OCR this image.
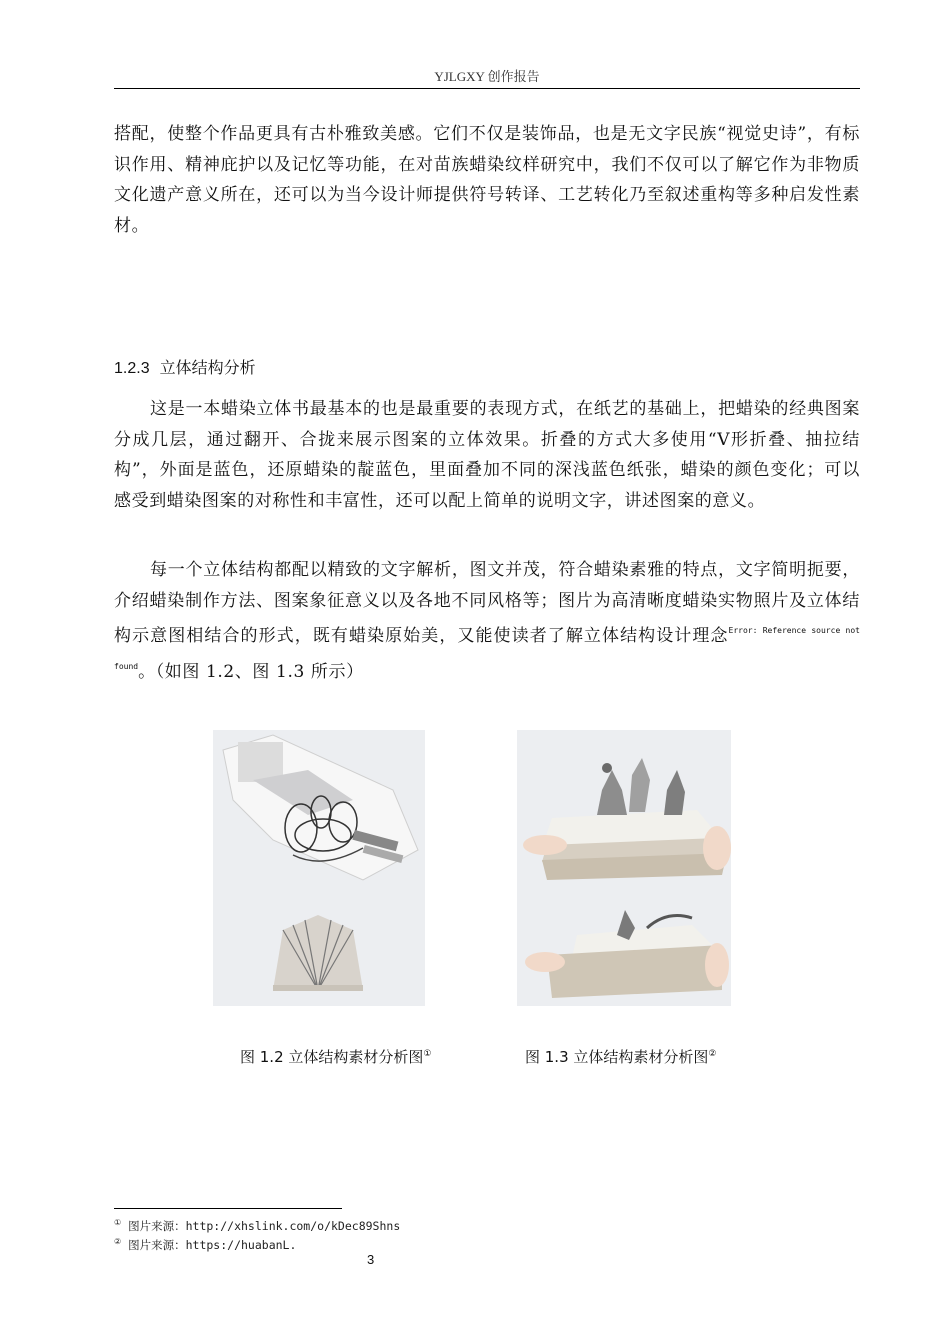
YJLGXY 创作报告

搭配，使整个作品更具有古朴雅致美感。它们不仅是装饰品，也是无文字民族“视觉史诗”，有标识作用、精神庇护以及记忆等功能，在对苗族蜡染纹样研究中，我们不仅可以了解它作为非物质文化遗产意义所在，还可以为当今设计师提供符号转译、工艺转化乃至叙述重构等多种启发性素材。

1.2.3 立体结构分析

这是一本蜡染立体书最基本的也是最重要的表现方式，在纸艺的基础上，把蜡染的经典图案分成几层，通过翻开、合拢来展示图案的立体效果。折叠的方式大多使用“V形折叠、抽拉结构”，外面是蓝色，还原蜡染的靛蓝色，里面叠加不同的深浅蓝色纸张，蜡染的颜色变化；可以感受到蜡染图案的对称性和丰富性，还可以配上简单的说明文字，讲述图案的意义。

每一个立体结构都配以精致的文字解析，图文并茂，符合蜡染素雅的特点，文字简明扼要，介绍蜡染制作方法、图案象征意义以及各地不同风格等；图片为高清晰度蜡染实物照片及立体结构示意图相结合的形式，既有蜡染原始美，又能使读者了解立体结构设计理念$^{Error: Reference source not found}$。（如图 1.2、图 1.3 所示）

图 1.2 立体结构素材分析图①	图 1.3 立体结构素材分析图②
① 图片来源：http://xhslink.com/o/kDec89Shns
② 图片来源：https://huabanL.
3
